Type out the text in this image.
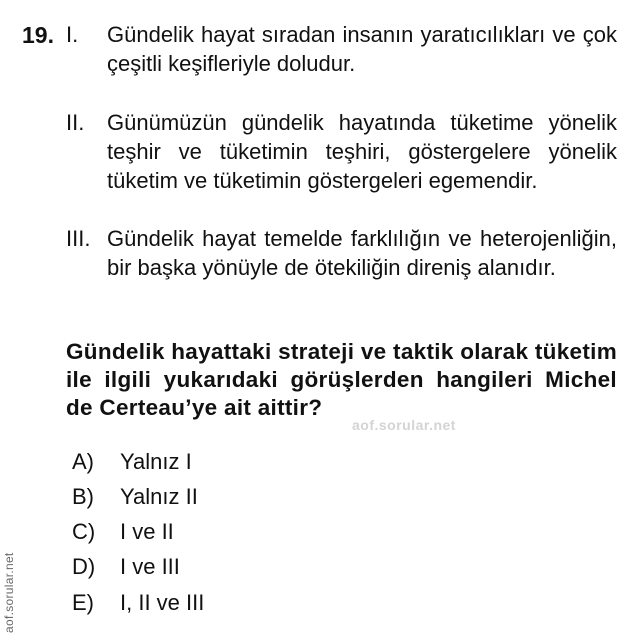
19. I. Gündelik hayat sıradan insanın yaratıcılıkları ve çok çeşitli keşifleriyle doludur.
II. Günümüzün gündelik hayatında tüketime yönelik teşhir ve tüketimin teşhiri, göstergelere yönelik tüketim ve tüketimin göstergeleri egemendir.
III. Gündelik hayat temelde farklılığın ve heterojenliğin, bir başka yönüyle de ötekiliğin direniş alanıdır.
Gündelik hayattaki strateji ve taktik olarak tüketim ile ilgili yukarıdaki görüşlerden hangileri Michel de Certeau’ye ait aittir?
aof.sorular.net
A) Yalnız I
B) Yalnız II
C) I ve II
D) I ve III
E) I, II ve III
aof.sorular.net
